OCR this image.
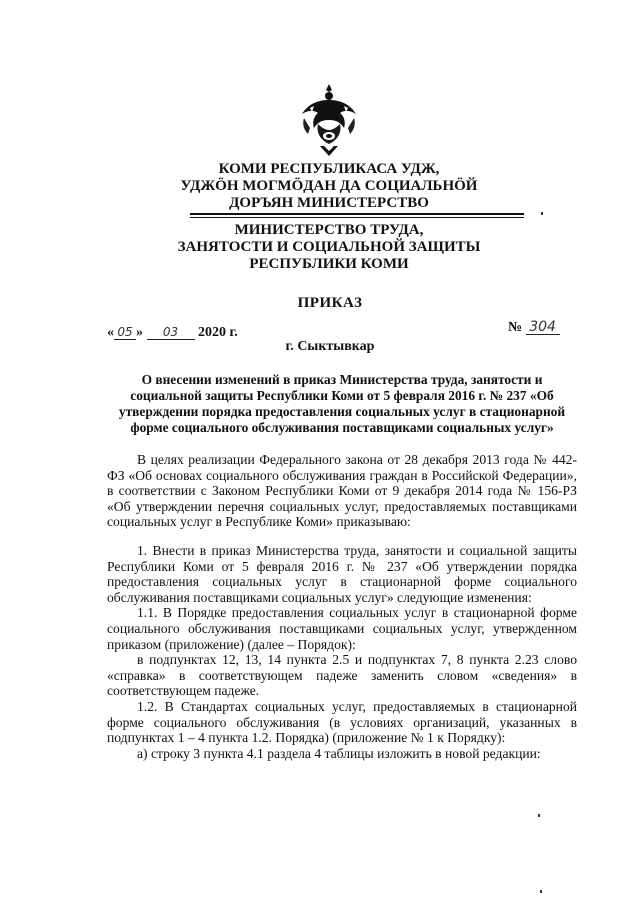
КОМИ РЕСПУБЛИКАСА УДЖ,
УДЖӦН МОГМӦДАН ДА СОЦИАЛЬНӦЙ
ДОРЪЯН МИНИСТЕРСТВО
МИНИСТЕРСТВО ТРУДА,
ЗАНЯТОСТИ И СОЦИАЛЬНОЙ ЗАЩИТЫ
РЕСПУБЛИКИ КОМИ
ПРИКАЗ
« 05 » 03 2020 г.	№ 304
г. Сыктывкар
О внесении изменений в приказ Министерства труда, занятости и
социальной защиты Республики Коми от 5 февраля 2016 г. № 237 «Об
утверждении порядка предоставления социальных услуг в стационарной
форме социального обслуживания поставщиками социальных услуг»

В целях реализации Федерального закона от 28 декабря 2013 года № 442-ФЗ «Об основах социального обслуживания граждан в Российской Федерации», в соответствии с Законом Республики Коми от 9 декабря 2014 года № 156-РЗ «Об утверждении перечня социальных услуг, предоставляемых поставщиками социальных услуг в Республике Коми» приказываю:

1. Внести в приказ Министерства труда, занятости и социальной защиты Республики Коми от 5 февраля 2016 г. № 237 «Об утверждении порядка предоставления социальных услуг в стационарной форме социального обслуживания поставщиками социальных услуг» следующие изменения:

1.1. В Порядке предоставления социальных услуг в стационарной форме социального обслуживания поставщиками социальных услуг, утвержденном приказом (приложение) (далее – Порядок):

в подпунктах 12, 13, 14 пункта 2.5 и подпунктах 7, 8 пункта 2.23 слово «справка» в соответствующем падеже заменить словом «сведения» в соответствующем падеже.

1.2. В Стандартах социальных услуг, предоставляемых в стационарной форме социального обслуживания (в условиях организаций, указанных в подпунктах 1 – 4 пункта 1.2. Порядка) (приложение № 1 к Порядку):

а) строку 3 пункта 4.1 раздела 4 таблицы изложить в новой редакции:
